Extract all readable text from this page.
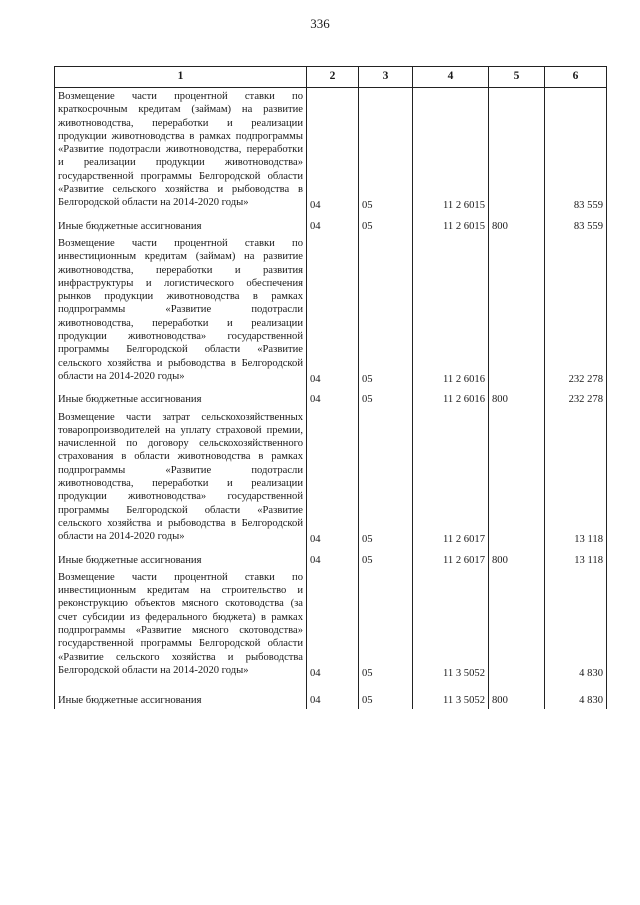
336
1	2	3	4	5	6
Возмещение части процентной ставки по краткосрочным кредитам (займам) на развитие животноводства, переработки и реализации продукции животноводства в рамках подпрограммы «Развитие подотрасли животноводства, переработки и реализации продукции животноводства» государственной программы Белгородской области «Развитие сельского хозяйства и рыбоводства в Белгородской области на 2014-2020 годы»	04	05	11 2 6015		83 559
Иные бюджетные ассигнования	04	05	11 2 6015	800	83 559
Возмещение части процентной ставки по инвестиционным кредитам (займам) на развитие животноводства, переработки и развития инфраструктуры и логистического обеспечения рынков продукции животноводства в рамках подпрограммы «Развитие подотрасли животноводства, переработки и реализации продукции животноводства» государственной программы Белгородской области «Развитие сельского хозяйства и рыбоводства в Белгородской области на 2014-2020 годы»	04	05	11 2 6016		232 278
Иные бюджетные ассигнования	04	05	11 2 6016	800	232 278
Возмещение части затрат сельскохозяйственных товаропроизводителей на уплату страховой премии, начисленной по договору сельскохозяйственного страхования в области животноводства в рамках подпрограммы «Развитие подотрасли животноводства, переработки и реализации продукции животноводства» государственной программы Белгородской области «Развитие сельского хозяйства и рыбоводства в Белгородской области на 2014-2020 годы»	04	05	11 2 6017		13 118
Иные бюджетные ассигнования	04	05	11 2 6017	800	13 118
Возмещение части процентной ставки по инвестиционным кредитам на строительство и реконструкцию объектов мясного скотоводства (за счет субсидии из федерального бюджета) в рамках подпрограммы «Развитие мясного скотоводства» государственной программы Белгородской области «Развитие сельского хозяйства и рыбоводства Белгородской области на 2014-2020 годы»	04	05	11 3 5052		4 830
Иные бюджетные ассигнования	04	05	11 3 5052	800	4 830
